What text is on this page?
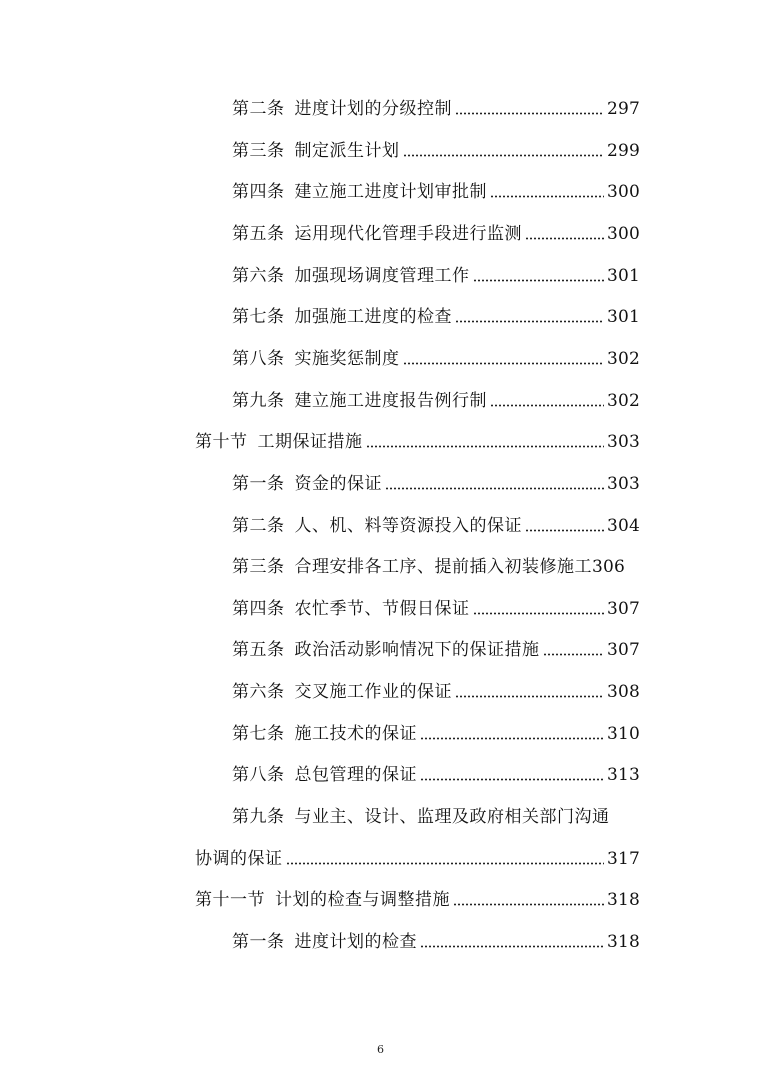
第二条 进度计划的分级控制	297
第三条 制定派生计划	299
第四条 建立施工进度计划审批制	300
第五条 运用现代化管理手段进行监测	300
第六条 加强现场调度管理工作	301
第七条 加强施工进度的检查	301
第八条 实施奖惩制度	302
第九条 建立施工进度报告例行制	302
第十节 工期保证措施	303
第一条 资金的保证	303
第二条 人、机、料等资源投入的保证	304
第三条 合理安排各工序、提前插入初装修施工 306
第四条 农忙季节、节假日保证	307
第五条 政治活动影响情况下的保证措施	307
第六条 交叉施工作业的保证	308
第七条 施工技术的保证	310
第八条 总包管理的保证	313
第九条 与业主、设计、监理及政府相关部门沟通
协调的保证	317
第十一节 计划的检查与调整措施	318
第一条 进度计划的检查	318
6
